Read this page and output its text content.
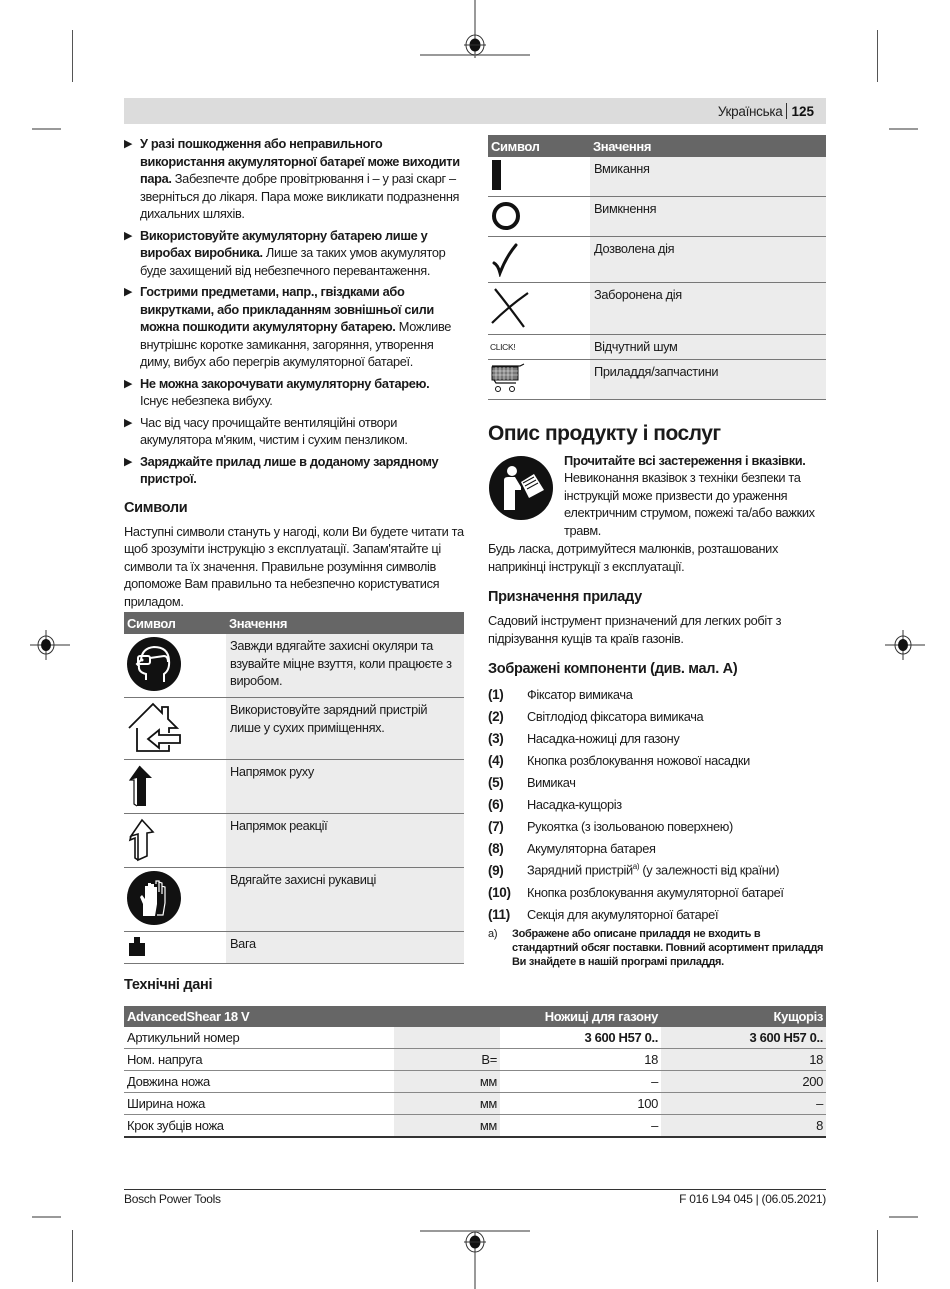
Українська 125
▶ У разі пошкодження або неправильного використання акумуляторної батареї може виходити пара. Забезпечте добре провітрювання і – у разі скарг – зверніться до лікаря. Пара може викликати подразнення дихальних шляхів.
▶ Використовуйте акумуляторну батарею лише у виробах виробника. Лише за таких умов акумулятор буде захищений від небезпечного перевантаження.
▶ Гострими предметами, напр., гвіздками або викрутками, або прикладанням зовнішньої сили можна пошкодити акумуляторну батарею. Можливе внутрішнє коротке замикання, загоряння, утворення диму, вибух або перегрів акумуляторної батареї.
▶ Не можна закорочувати акумуляторну батарею.
Існує небезпека вибуху.
▶ Час від часу прочищайте вентиляційні отвори акумулятора м'яким, чистим і сухим пензликом.
▶ Заряджайте прилад лише в доданому зарядному пристрої.
Символи

Наступні символи стануть у нагоді, коли Ви будете читати та щоб зрозуміти інструкцію з експлуатації. Запам'ятайте ці символи та їх значення. Правильне розуміння символів допоможе Вам правильно та небезпечно користуватися приладом.

Символ	Значення
	Завжди вдягайте захисні окуляри та взувайте міцне взуття, коли працюєте з виробом.
	Використовуйте зарядний пристрій лише у сухих приміщеннях.
	Напрямок руху
	Напрямок реакції
	Вдягайте захисні рукавиці
	Вага
Символ	Значення
	Вмикання
	Вимкнення
	Дозволена дія
	Заборонена дія
CLICK!	Відчутний шум
	Приладдя/запчастини
Опис продукту і послуг

Прочитайте всі застереження і вказівки.

Невиконання вказівок з техніки безпеки та інструкцій може призвести до ураження електричним струмом, пожежі та/або важких травм.

Будь ласка, дотримуйтеся малюнків, розташованих наприкінці інструкції з експлуатації.

Призначення приладу

Садовий інструмент призначений для легких робіт з підрізування кущів та країв газонів.

Зображені компоненти (див. мал. A)
(1)	Фіксатор вимикача
(2)	Світлодіод фіксатора вимикача
(3)	Насадка-ножиці для газону
(4)	Кнопка розблокування ножової насадки
(5)	Вимикач
(6)	Насадка-кущоріз
(7)	Рукоятка (з ізольованою поверхнею)
(8)	Акумуляторна батарея
(9)	Зарядний пристрій$^{a)}$ (у залежності від країни)
(10)	Кнопка розблокування акумуляторної батареї
(11)	Секція для акумуляторної батареї
a)	Зображене або описане приладдя не входить в стандартний обсяг поставки. Повний асортимент приладдя Ви знайдете в нашій програмі приладдя.
Технічні дані
AdvancedShear 18 V		Ножиці для газону	Кущоріз
Артикульний номер		3 600 H57 0..	3 600 H57 0..
Ном. напруга	В=	18	18
Довжина ножа	мм	–	200
Ширина ножа	мм	100	–
Крок зубців ножа	мм	–	8
Bosch Power Tools	F 016 L94 045 | (06.05.2021)
